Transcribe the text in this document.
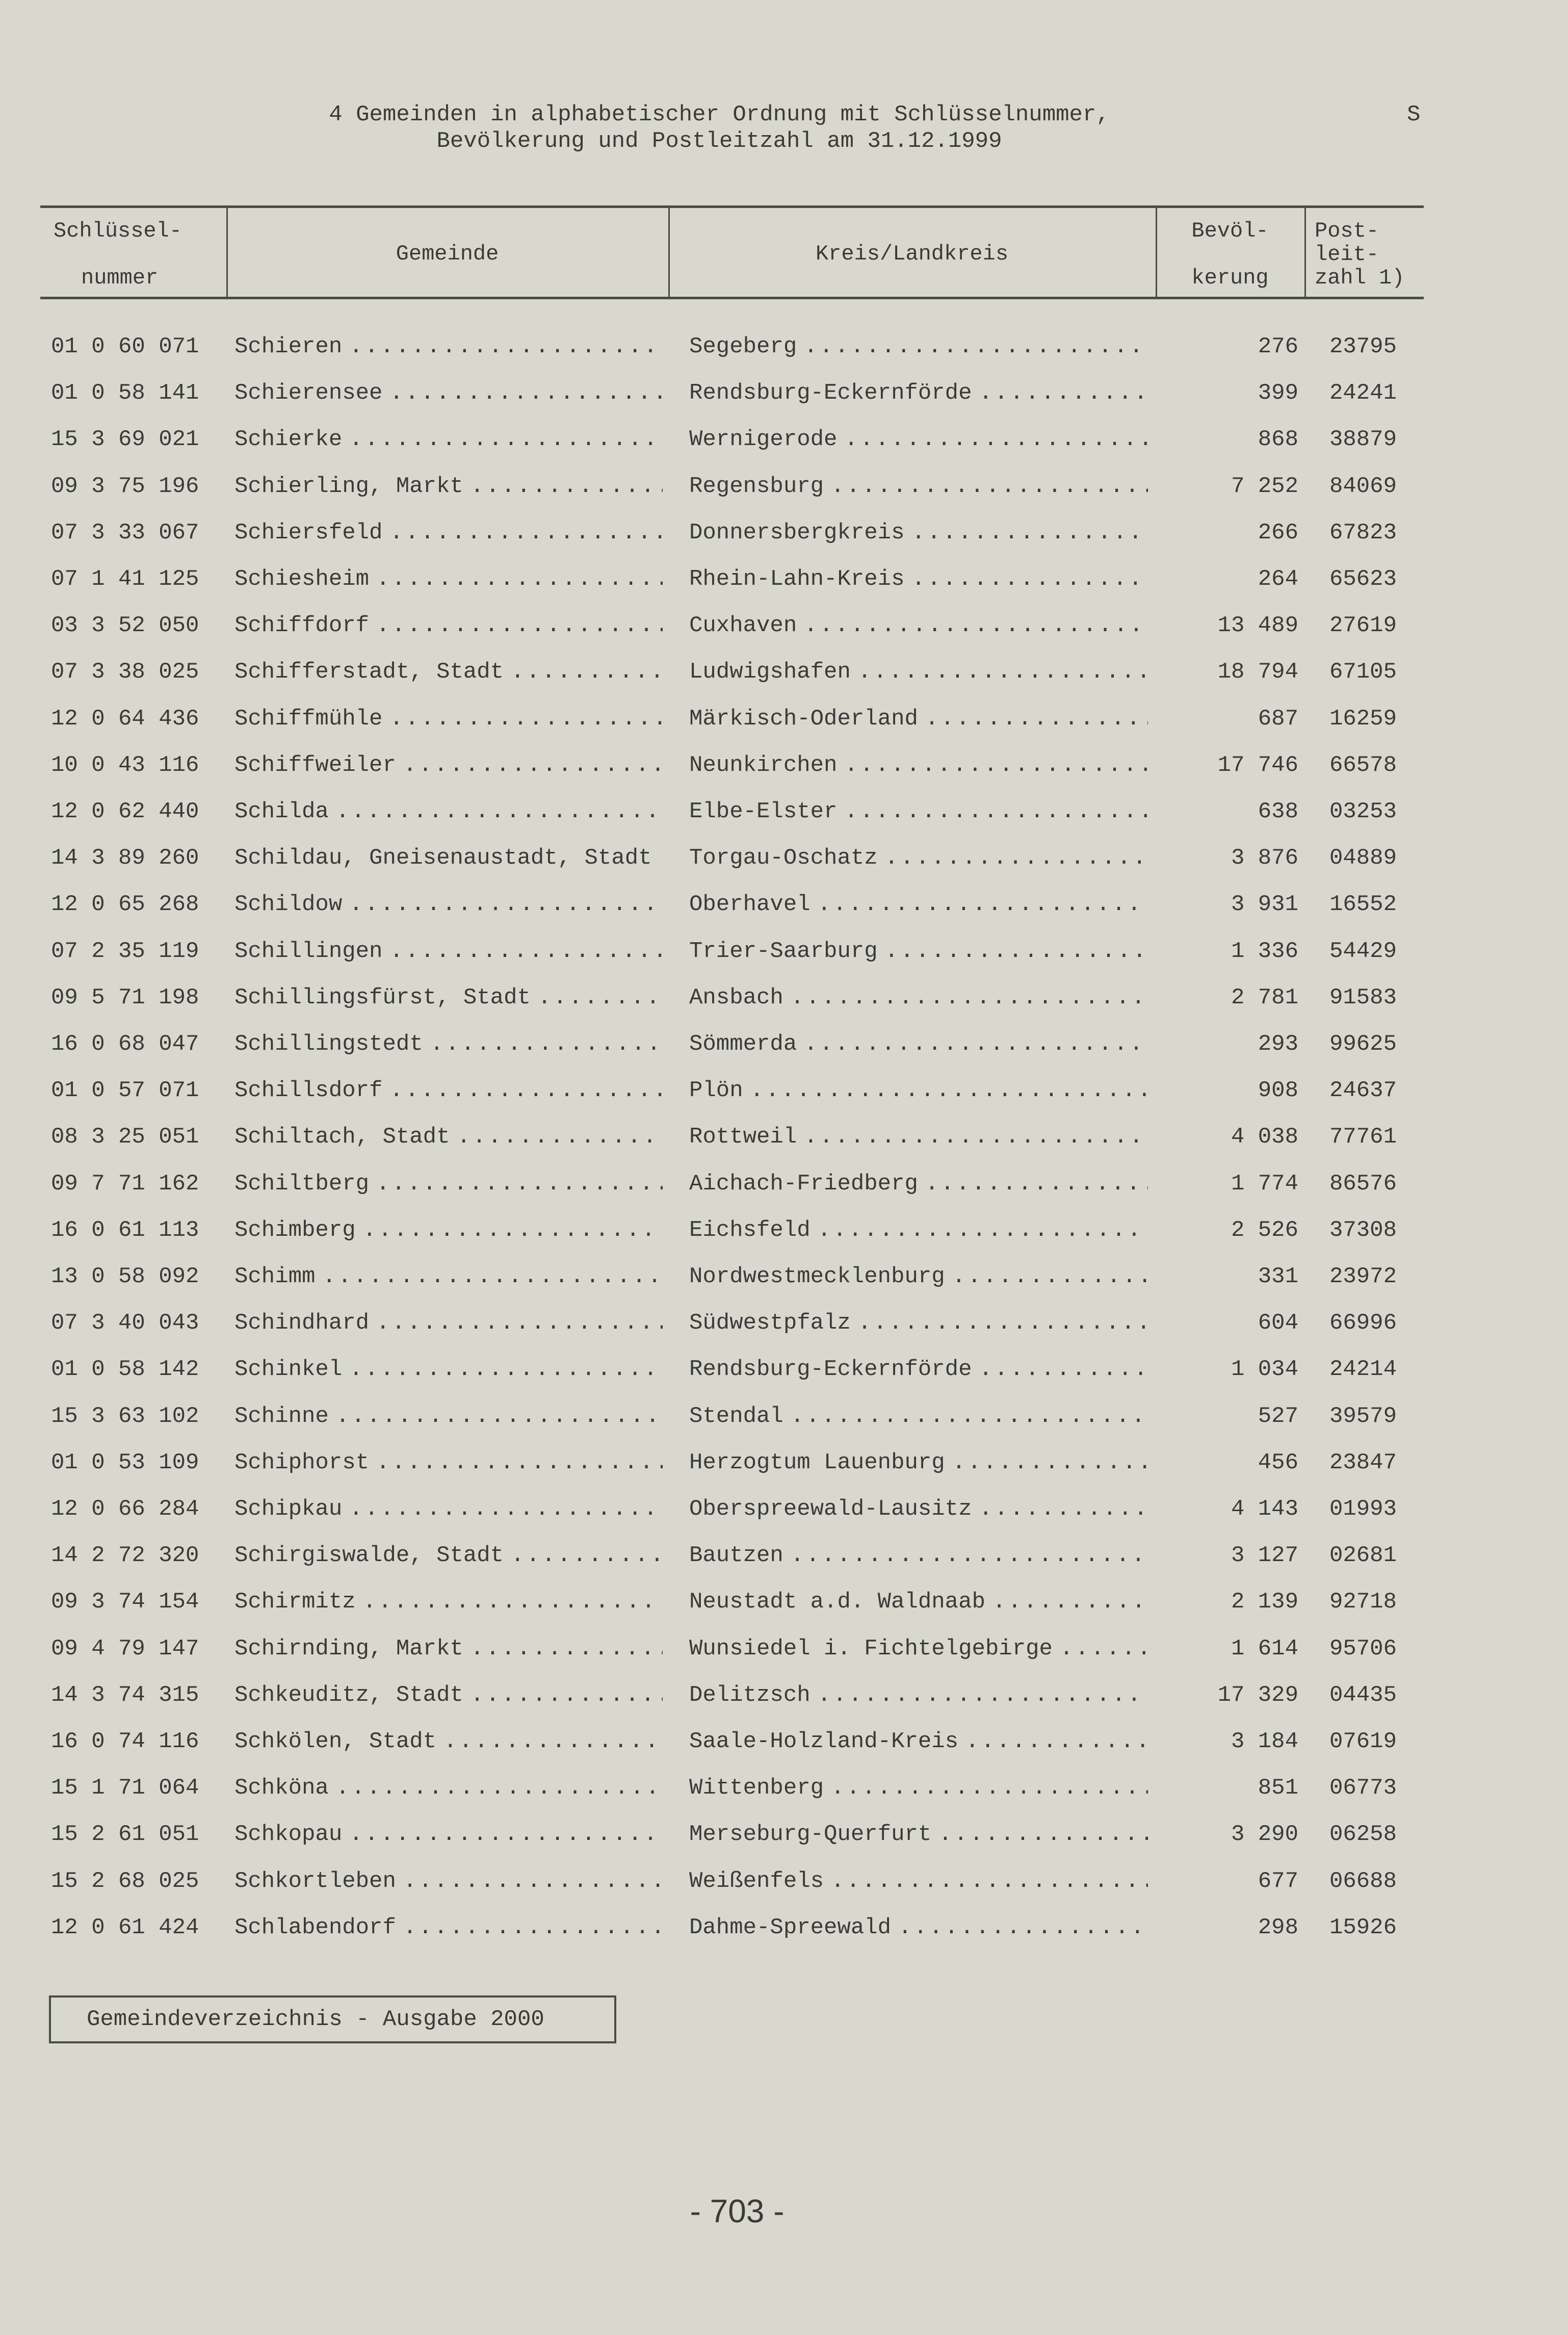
4 Gemeinden in alphabetischer Ordnung mit Schlüsselnummer,
Bevölkerung und Postleitzahl am 31.12.1999
S
Schlüssel-
nummer
Gemeinde	Kreis/Landkreis
Bevöl-
kerung
Post-
leit-
zahl 1)
01 0 60 071 Schieren .....	Segeberg .....	276 23795
01 0 58 141 Schierensee .....	Rendsburg-Eckernförde .....	399 24241
15 3 69 021 Schierke .....	Wernigerode .....	868 38879
09 3 75 196 Schierling, Markt .....	Regensburg .....	7 252 84069
07 3 33 067 Schiersfeld .....	Donnersbergkreis .....	266 67823
07 1 41 125 Schiesheim .....	Rhein-Lahn-Kreis .....	264 65623
03 3 52 050 Schiffdorf .....	Cuxhaven .....	13 489 27619
07 3 38 025 Schifferstadt, Stadt .....	Ludwigshafen .....	18 794 67105
12 0 64 436 Schiffmühle .....	Märkisch-Oderland .....	687 16259
10 0 43 116 Schiffweiler .....	Neunkirchen .....	17 746 66578
12 0 62 440 Schilda .....	Elbe-Elster .....	638 03253
14 3 89 260 Schildau, Gneisenaustadt, Stadt .....	Torgau-Oschatz .....	3 876 04889
12 0 65 268 Schildow .....	Oberhavel .....	3 931 16552
07 2 35 119 Schillingen .....	Trier-Saarburg .....	1 336 54429
09 5 71 198 Schillingsfürst, Stadt .....	Ansbach .....	2 781 91583
16 0 68 047 Schillingstedt .....	Sömmerda .....	293 99625
01 0 57 071 Schillsdorf .....	Plön .....	908 24637
08 3 25 051 Schiltach, Stadt .....	Rottweil .....	4 038 77761
09 7 71 162 Schiltberg .....	Aichach-Friedberg .....	1 774 86576
16 0 61 113 Schimberg .....	Eichsfeld .....	2 526 37308
13 0 58 092 Schimm .....	Nordwestmecklenburg .....	331 23972
07 3 40 043 Schindhard .....	Südwestpfalz .....	604 66996
01 0 58 142 Schinkel .....	Rendsburg-Eckernförde .....	1 034 24214
15 3 63 102 Schinne .....	Stendal .....	527 39579
01 0 53 109 Schiphorst .....	Herzogtum Lauenburg .....	456 23847
12 0 66 284 Schipkau .....	Oberspreewald-Lausitz .....	4 143 01993
14 2 72 320 Schirgiswalde, Stadt .....	Bautzen .....	3 127 02681
09 3 74 154 Schirmitz .....	Neustadt a.d. Waldnaab .....	2 139 92718
09 4 79 147 Schirnding, Markt .....	Wunsiedel i. Fichtelgebirge .....	1 614 95706
14 3 74 315 Schkeuditz, Stadt .....	Delitzsch .....	17 329 04435
16 0 74 116 Schkölen, Stadt .....	Saale-Holzland-Kreis .....	3 184 07619
15 1 71 064 Schköna .....	Wittenberg .....	851 06773
15 2 61 051 Schkopau .....	Merseburg-Querfurt .....	3 290 06258
15 2 68 025 Schkortleben .....	Weißenfels .....	677 06688
12 0 61 424 Schlabendorf .....	Dahme-Spreewald .....	298 15926
Gemeindeverzeichnis - Ausgabe 2000
- 703 -
